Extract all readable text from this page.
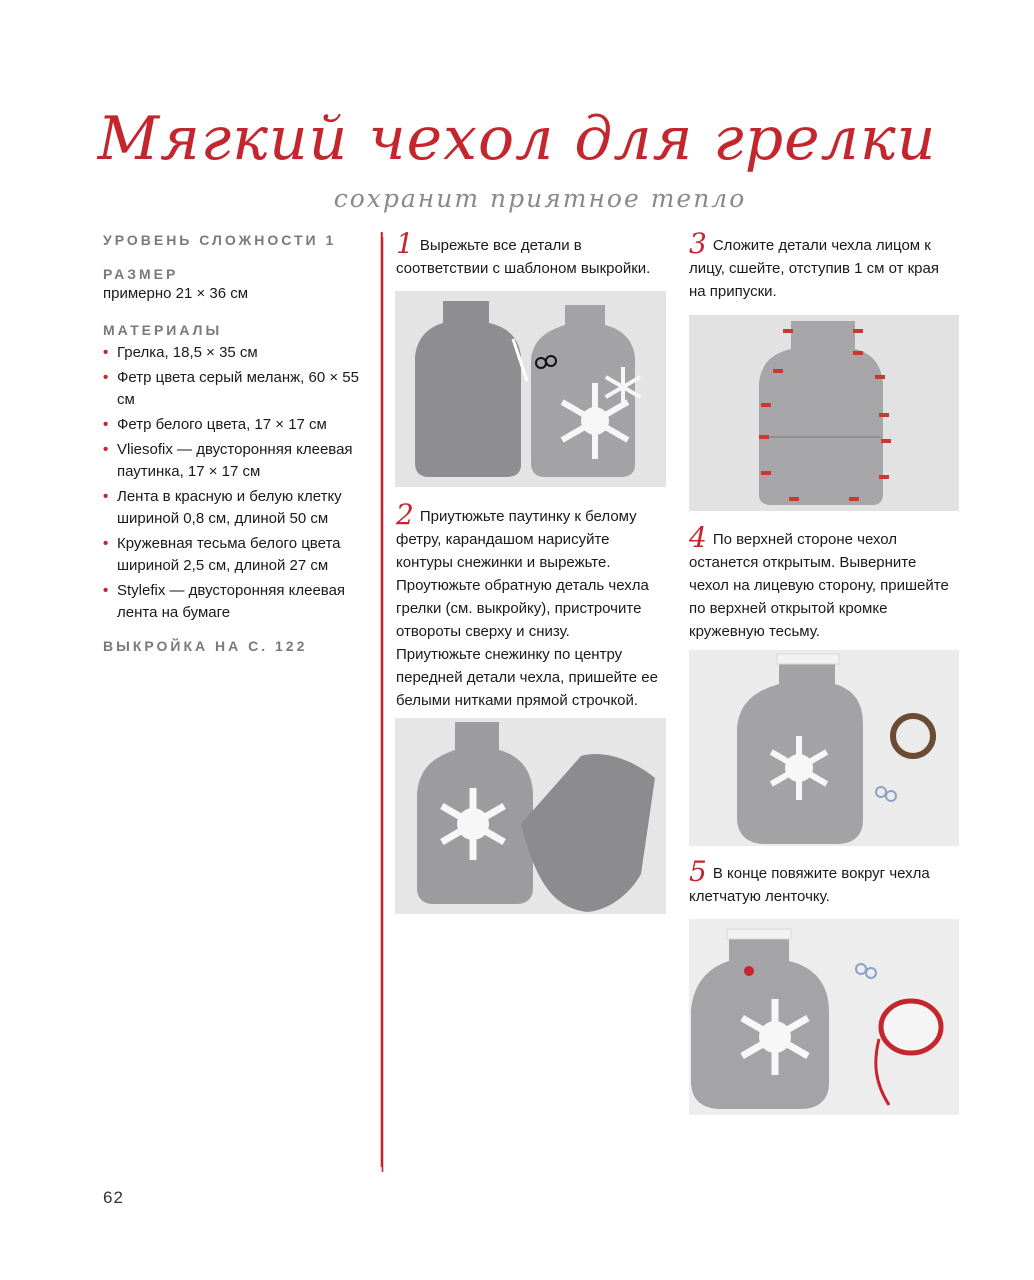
Мягкий чехол для грелки

сохранит приятное тепло

УРОВЕНЬ СЛОЖНОСТИ 1

РАЗМЕР

примерно 21 × 36 см

МАТЕРИАЛЫ

• Грелка, 18,5 × 35 см
• Фетр цвета серый меланж, 60 × 55 см
• Фетр белого цвета, 17 × 17 см
• Vliesofix — двусторонняя клеевая паутинка, 17 × 17 см
• Лента в красную и белую клетку шириной 0,8 см, длиной 50 см
• Кружевная тесьма белого цвета шириной 2,5 см, длиной 27 см
• Stylefix — двусторонняя клеевая лента на бумаге

ВЫКРОЙКА НА С. 122

1 Вырежьте все детали в соответствии с шаблоном выкройки.
2 Приутюжьте паутинку к белому фетру, карандашом нарисуйте контуры снежинки и вырежьте. Проутюжьте обратную деталь чехла грелки (см. выкройку), пристрочите отвороты сверху и снизу. Приутюжьте снежинку по центру передней детали чехла, пришейте ее белыми нитками прямой строчкой.
3 Сложите детали чехла лицом к лицу, сшейте, отступив 1 см от края на припуски.
4 По верхней стороне чехол останется открытым. Выверните чехол на лицевую сторону, пришейте по верхней открытой кромке кружевную тесьму.
5 В конце повяжите вокруг чехла клетчатую ленточку.

62
